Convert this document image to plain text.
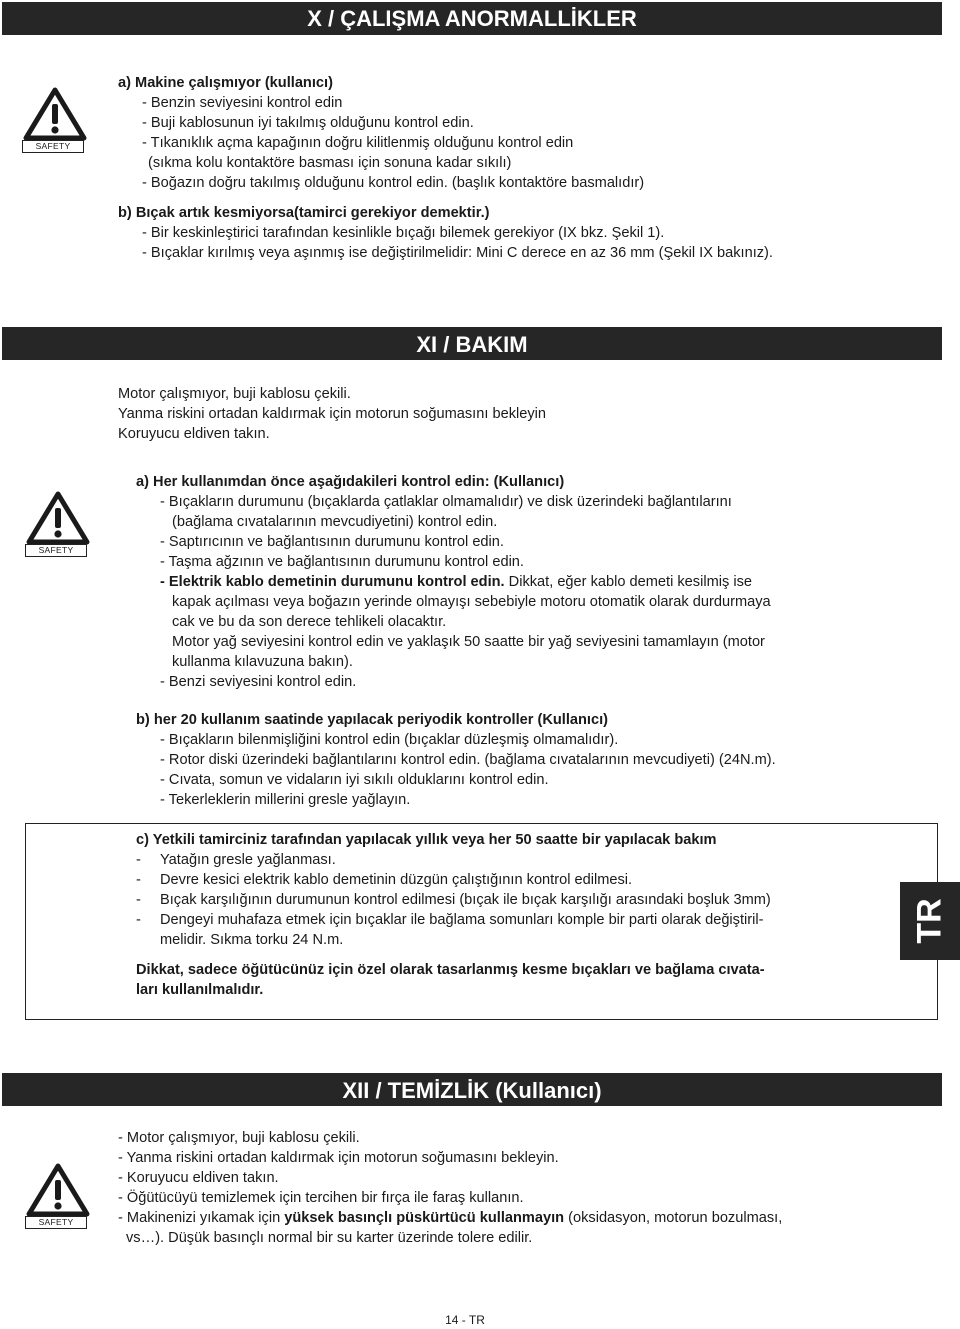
X / ÇALIŞMA ANORMALLİKLER
SAFETY
a) Makine çalışmıyor (kullanıcı)
- Benzin seviyesini kontrol edin
- Buji kablosunun iyi takılmış olduğunu kontrol edin.
- Tıkanıklık açma kapağının doğru kilitlenmiş olduğunu kontrol edin
(sıkma kolu kontaktöre basması için sonuna kadar sıkılı)
- Boğazın doğru takılmış olduğunu kontrol edin. (başlık kontaktöre basmalıdır)
b) Bıçak artık kesmiyorsa(tamirci gerekiyor demektir.)
- Bir keskinleştirici tarafından kesinlikle bıçağı bilemek gerekiyor (IX bkz. Şekil 1).
- Bıçaklar kırılmış veya aşınmış ise değiştirilmelidir: Mini C derece en az 36 mm (Şekil IX bakınız).
XI / BAKIM
Motor çalışmıyor, buji kablosu çekili.
Yanma riskini ortadan kaldırmak için motorun soğumasını bekleyin
Koruyucu eldiven takın.
SAFETY
a) Her kullanımdan önce aşağıdakileri kontrol edin: (Kullanıcı)
- Bıçakların durumunu (bıçaklarda çatlaklar olmamalıdır) ve disk üzerindeki bağlantılarını
(bağlama cıvatalarının mevcudiyetini) kontrol edin.
- Saptırıcının ve bağlantısının durumunu kontrol edin.
- Taşma ağzının ve bağlantısının durumunu kontrol edin.
- Elektrik kablo demetinin durumunu kontrol edin. Dikkat, eğer kablo demeti kesilmiş ise
kapak açılması veya boğazın yerinde olmayışı sebebiyle motoru otomatik olarak durdurmaya
cak ve bu da son derece tehlikeli olacaktır.
Motor yağ seviyesini kontrol edin ve yaklaşık 50 saatte bir yağ seviyesini tamamlayın (motor
kullanma kılavuzuna bakın).
- Benzi seviyesini kontrol edin.
b) her 20 kullanım saatinde yapılacak periyodik kontroller (Kullanıcı)
- Bıçakların bilenmişliğini kontrol edin (bıçaklar düzleşmiş olmamalıdır).
- Rotor diski üzerindeki bağlantılarını kontrol edin. (bağlama cıvatalarının mevcudiyeti) (24N.m).
- Cıvata, somun ve vidaların iyi sıkılı olduklarını kontrol edin.
- Tekerleklerin millerini gresle yağlayın.
c) Yetkili tamirciniz tarafından yapılacak yıllık veya her 50 saatte bir yapılacak bakım
- Yatağın gresle yağlanması.
- Devre kesici elektrik kablo demetinin düzgün çalıştığının kontrol edilmesi.
- Bıçak karşılığının durumunun kontrol edilmesi (bıçak ile bıçak karşılığı arasındaki boşluk 3mm)
- Dengeyi muhafaza etmek için bıçaklar ile bağlama somunları komple bir parti olarak değiştiril-
melidir. Sıkma torku 24 N.m.
Dikkat, sadece öğütücünüz için özel olarak tasarlanmış kesme bıçakları ve bağlama cıvata-
ları kullanılmalıdır.
TR
XII / TEMİZLİK (Kullanıcı)
SAFETY
- Motor çalışmıyor, buji kablosu çekili.
- Yanma riskini ortadan kaldırmak için motorun soğumasını bekleyin.
- Koruyucu eldiven takın.
- Öğütücüyü temizlemek için tercihen bir fırça ile faraş kullanın.
- Makinenizi yıkamak için yüksek basınçlı püskürtücü kullanmayın (oksidasyon, motorun bozulması,
vs…). Düşük basınçlı normal bir su karter üzerinde tolere edilir.
14 - TR
